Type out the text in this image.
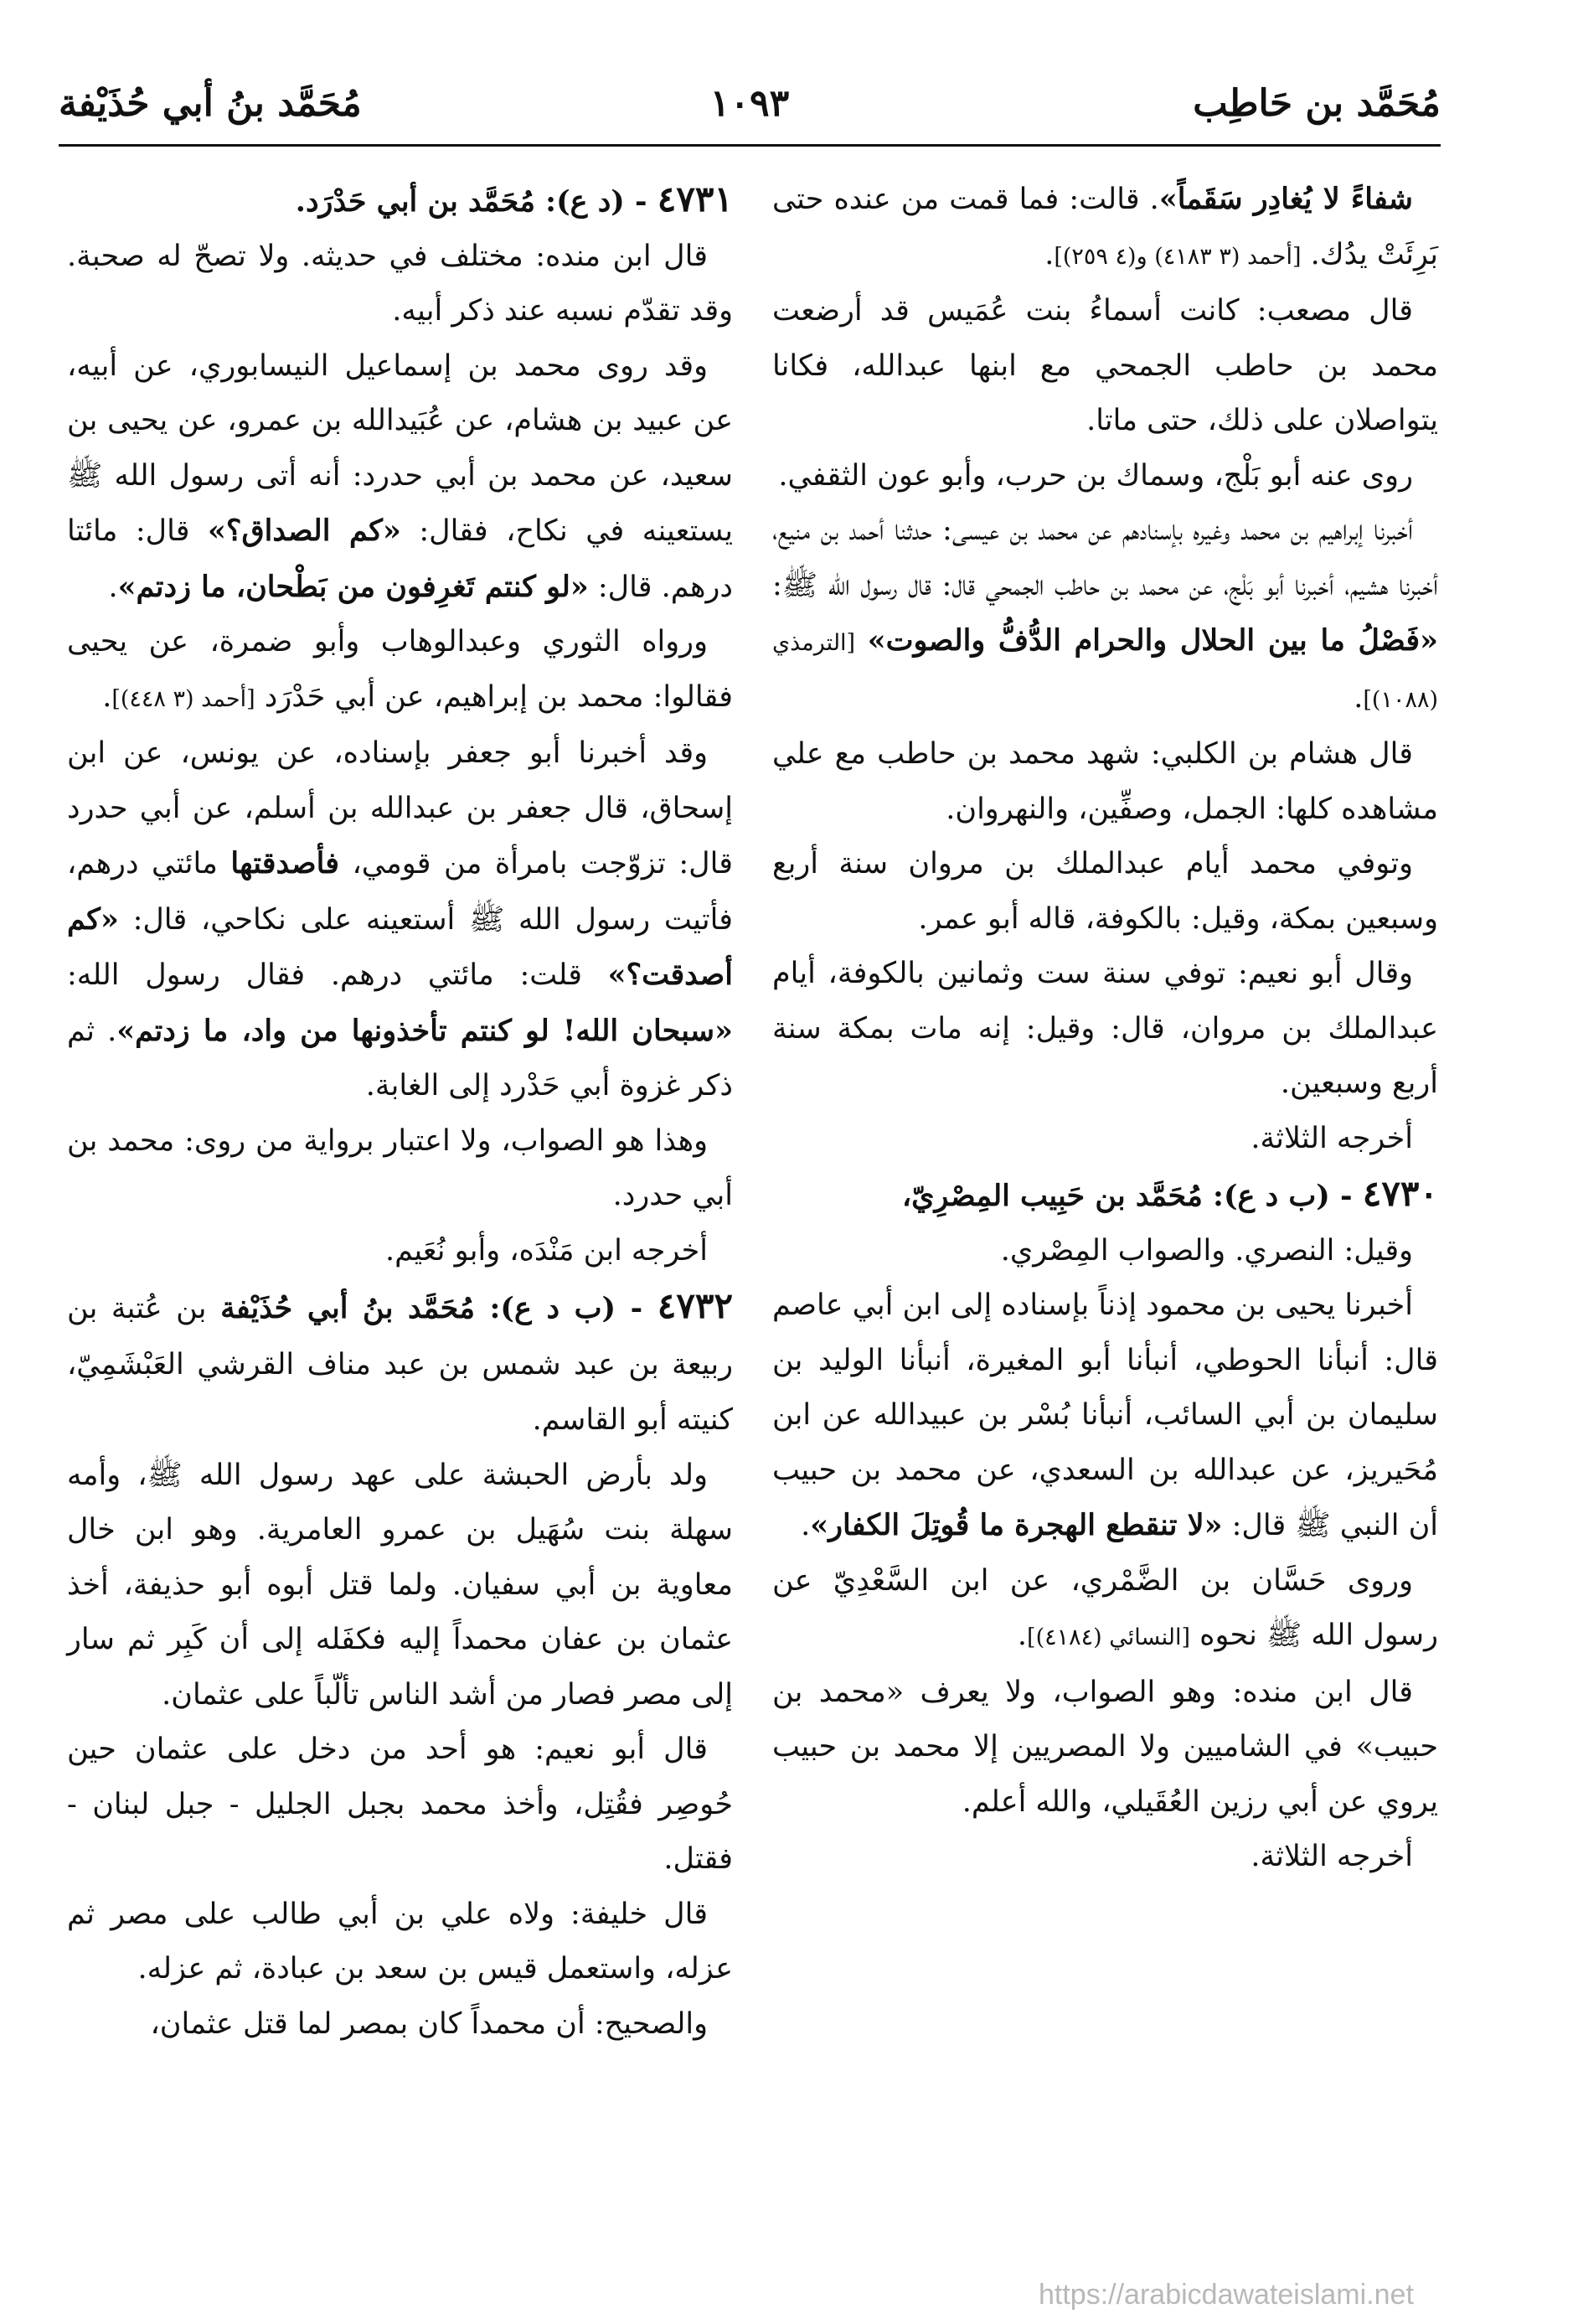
مُحَمَّد بن حَاطِب
١٠٩٣
مُحَمَّد بنُ أبي حُذَيْفة

شفاءً لا يُغادِر سَقَماً». قالت: فما قمت من عنده حتى بَرِئَتْ يدُك. [أحمد (٣ ٤١٨٣) و(٤ ٢٥٩)].

قال مصعب: كانت أسماءُ بنت عُمَيس قد أرضعت محمد بن حاطب الجمحي مع ابنها عبدالله، فكانا يتواصلان على ذلك، حتى ماتا.

روى عنه أبو بَلْج، وسماك بن حرب، وأبو عون الثقفي.

أخبرنا إبراهيم بن محمد وغيره بإسنادهم عن محمد بن عيسى: حدثنا أحمد بن منيع، أخبرنا هشيم، أخبرنا أبو بَلْج، عن محمد بن حاطب الجمحي قال: قال رسول الله ﷺ: «فَصْلُ ما بين الحلال والحرام الدُّفُّ والصوت» [الترمذي (١٠٨٨)].

قال هشام بن الكلبي: شهد محمد بن حاطب مع علي مشاهده كلها: الجمل، وصفِّين، والنهروان.

وتوفي محمد أيام عبدالملك بن مروان سنة أربع وسبعين بمكة، وقيل: بالكوفة، قاله أبو عمر.

وقال أبو نعيم: توفي سنة ست وثمانين بالكوفة، أيام عبدالملك بن مروان، قال: وقيل: إنه مات بمكة سنة أربع وسبعين.

أخرجه الثلاثة.

٤٧٣٠ - (ب د ع): مُحَمَّد بن حَبِيب المِصْرِيّ،

وقيل: النصري. والصواب المِصْري.

أخبرنا يحيى بن محمود إذناً بإسناده إلى ابن أبي عاصم قال: أنبأنا الحوطي، أنبأنا أبو المغيرة، أنبأنا الوليد بن سليمان بن أبي السائب، أنبأنا بُسْر بن عبيدالله عن ابن مُحَيريز، عن عبدالله بن السعدي، عن محمد بن حبيب أن النبي ﷺ قال: «لا تنقطع الهجرة ما قُوتِلَ الكفار».

وروى حَسَّان بن الضَّمْري، عن ابن السَّعْدِيّ عن رسول الله ﷺ نحوه [النسائي (٤١٨٤)].

قال ابن منده: وهو الصواب، ولا يعرف «محمد بن حبيب» في الشاميين ولا المصريين إلا محمد بن حبيب يروي عن أبي رزين العُقَيلي، والله أعلم.

أخرجه الثلاثة.

٤٧٣١ - (د ع): مُحَمَّد بن أبي حَدْرَد.

قال ابن منده: مختلف في حديثه. ولا تصحّ له صحبة. وقد تقدّم نسبه عند ذكر أبيه.

وقد روى محمد بن إسماعيل النيسابوري، عن أبيه، عن عبيد بن هشام، عن عُبَيدالله بن عمرو، عن يحيى بن سعيد، عن محمد بن أبي حدرد: أنه أتى رسول الله ﷺ يستعينه في نكاح، فقال: «كم الصداق؟» قال: مائتا درهم. قال: «لو كنتم تَغرِفون من بَطْحان، ما زدتم».

ورواه الثوري وعبدالوهاب وأبو ضمرة، عن يحيى فقالوا: محمد بن إبراهيم، عن أبي حَدْرَد [أحمد (٣ ٤٤٨)].

وقد أخبرنا أبو جعفر بإسناده، عن يونس، عن ابن إسحاق، قال جعفر بن عبدالله بن أسلم، عن أبي حدرد قال: تزوّجت بامرأة من قومي، فأصدقتها مائتي درهم، فأتيت رسول الله ﷺ أستعينه على نكاحي، قال: «كم أصدقت؟» قلت: مائتي درهم. فقال رسول الله: «سبحان الله! لو كنتم تأخذونها من واد، ما زدتم». ثم ذكر غزوة أبي حَدْرد إلى الغابة.

وهذا هو الصواب، ولا اعتبار برواية من روى: محمد بن أبي حدرد.

أخرجه ابن مَنْدَه، وأبو نُعَيم.

٤٧٣٢ - (ب د ع): مُحَمَّد بنُ أبي حُذَيْفة بن عُتبة بن ربيعة بن عبد شمس بن عبد مناف القرشي العَبْشَمِيّ، كنيته أبو القاسم.

ولد بأرض الحبشة على عهد رسول الله ﷺ، وأمه سهلة بنت سُهَيل بن عمرو العامرية. وهو ابن خال معاوية بن أبي سفيان. ولما قتل أبوه أبو حذيفة، أخذ عثمان بن عفان محمداً إليه فكفَله إلى أن كَبِر ثم سار إلى مصر فصار من أشد الناس تألّباً على عثمان.

قال أبو نعيم: هو أحد من دخل على عثمان حين حُوصِر فقُتِل، وأخذ محمد بجبل الجليل - جبل لبنان - فقتل.

قال خليفة: ولاه علي بن أبي طالب على مصر ثم عزله، واستعمل قيس بن سعد بن عبادة، ثم عزله.

والصحيح: أن محمداً كان بمصر لما قتل عثمان،

https://arabicdawateislami.net
